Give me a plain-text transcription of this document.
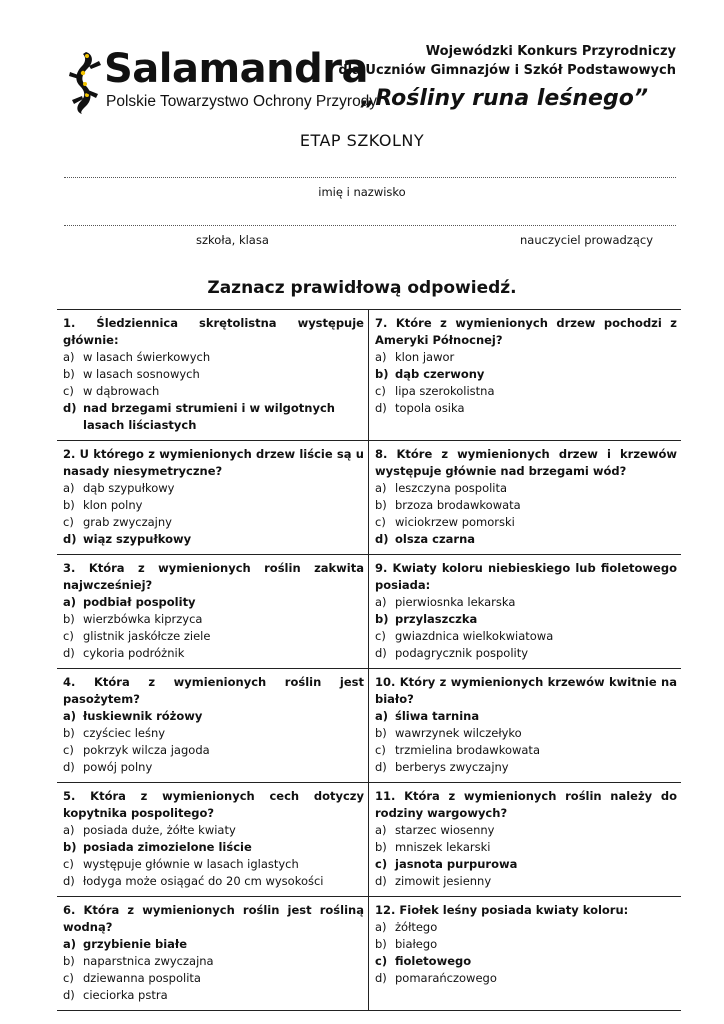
Salamandra
Polskie Towarzystwo Ochrony Przyrody
Wojewódzki Konkurs Przyrodniczy
dla Uczniów Gimnazjów i Szkół Podstawowych
„Rośliny runa leśnego”
ETAP SZKOLNY
imię i nazwisko
szkoła, klasa	nauczyciel prowadzący
Zaznacz prawidłową odpowiedź.
1. Śledziennica skrętolistna występuje głównie:
a) w lasach świerkowych
b) w lasach sosnowych
c) w dąbrowach
d) nad brzegami strumieni i w wilgotnych lasach liściastych
7. Które z wymienionych drzew pochodzi z Ameryki Północnej?
a) klon jawor
b) dąb czerwony
c) lipa szerokolistna
d) topola osika
2. U którego z wymienionych drzew liście są u nasady niesymetryczne?
a) dąb szypułkowy
b) klon polny
c) grab zwyczajny
d) wiąz szypułkowy
8. Które z wymienionych drzew i krzewów występuje głównie nad brzegami wód?
a) leszczyna pospolita
b) brzoza brodawkowata
c) wiciokrzew pomorski
d) olsza czarna
3. Która z wymienionych roślin zakwita najwcześniej?
a) podbiał pospolity
b) wierzbówka kiprzyca
c) glistnik jaskółcze ziele
d) cykoria podróżnik
9. Kwiaty koloru niebieskiego lub fioletowego posiada:
a) pierwiosnka lekarska
b) przylaszczka
c) gwiazdnica wielkokwiatowa
d) podagrycznik pospolity
4. Która z wymienionych roślin jest pasożytem?
a) łuskiewnik różowy
b) czyściec leśny
c) pokrzyk wilcza jagoda
d) powój polny
10. Który z wymienionych krzewów kwitnie na biało?
a) śliwa tarnina
b) wawrzynek wilczełyko
c) trzmielina brodawkowata
d) berberys zwyczajny
5. Która z wymienionych cech dotyczy kopytnika pospolitego?
a) posiada duże, żółte kwiaty
b) posiada zimozielone liście
c) występuje głównie w lasach iglastych
d) łodyga może osiągać do 20 cm wysokości
11. Która z wymienionych roślin należy do rodziny wargowych?
a) starzec wiosenny
b) mniszek lekarski
c) jasnota purpurowa
d) zimowit jesienny
6. Która z wymienionych roślin jest rośliną wodną?
a) grzybienie białe
b) naparstnica zwyczajna
c) dziewanna pospolita
d) cieciorka pstra
12. Fiołek leśny posiada kwiaty koloru:
a) żółtego
b) białego
c) fioletowego
d) pomarańczowego
